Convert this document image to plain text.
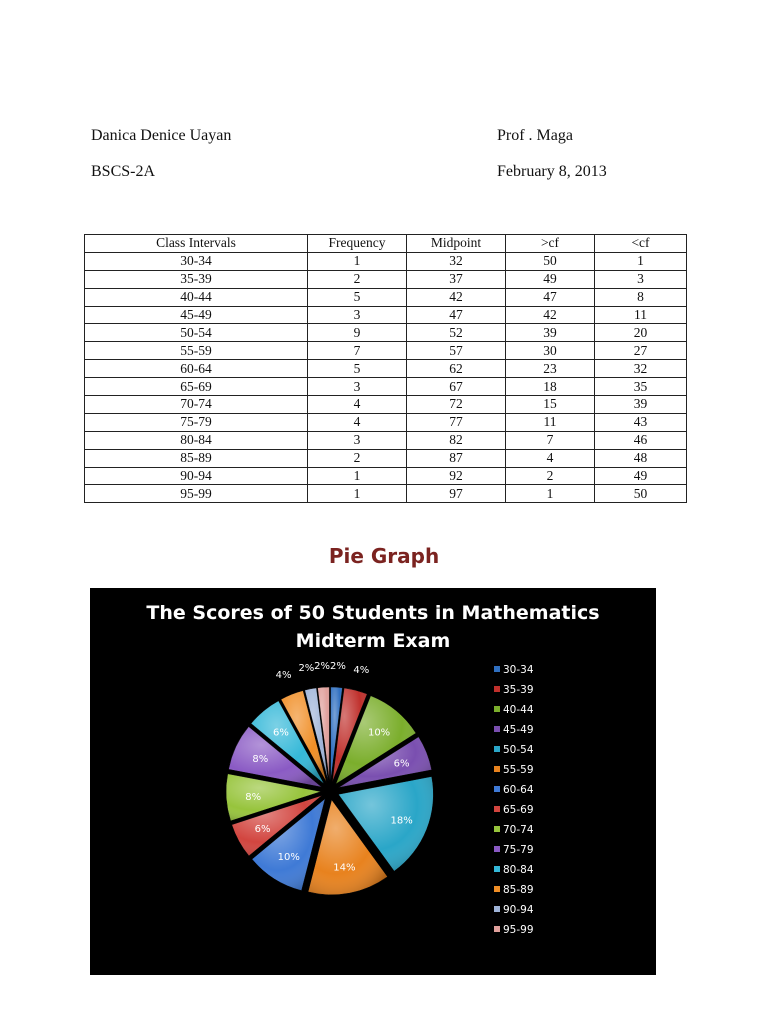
Danica Denice Uayan
BSCS-2A
Prof . Maga
February 8, 2013
Class Intervals	Frequency	Midpoint	>cf	<cf
30-34	1	32	50	1
35-39	2	37	49	3
40-44	5	42	47	8
45-49	3	47	42	11
50-54	9	52	39	20
55-59	7	57	30	27
60-64	5	62	23	32
65-69	3	67	18	35
70-74	4	72	15	39
75-79	4	77	11	43
80-84	3	82	7	46
85-89	2	87	4	48
90-94	1	92	2	49
95-99	1	97	1	50
Pie Graph
The Scores of 50 Students in Mathematics
Midterm Exam
2% 4%
10%
6%
18%
14%
10%
6%
8%
8%
6%
4%
2% 2%	30-34
35-39
40-44
45-49
50-54
55-59
60-64
65-69
70-74
75-79
80-84
85-89
90-94
95-99
